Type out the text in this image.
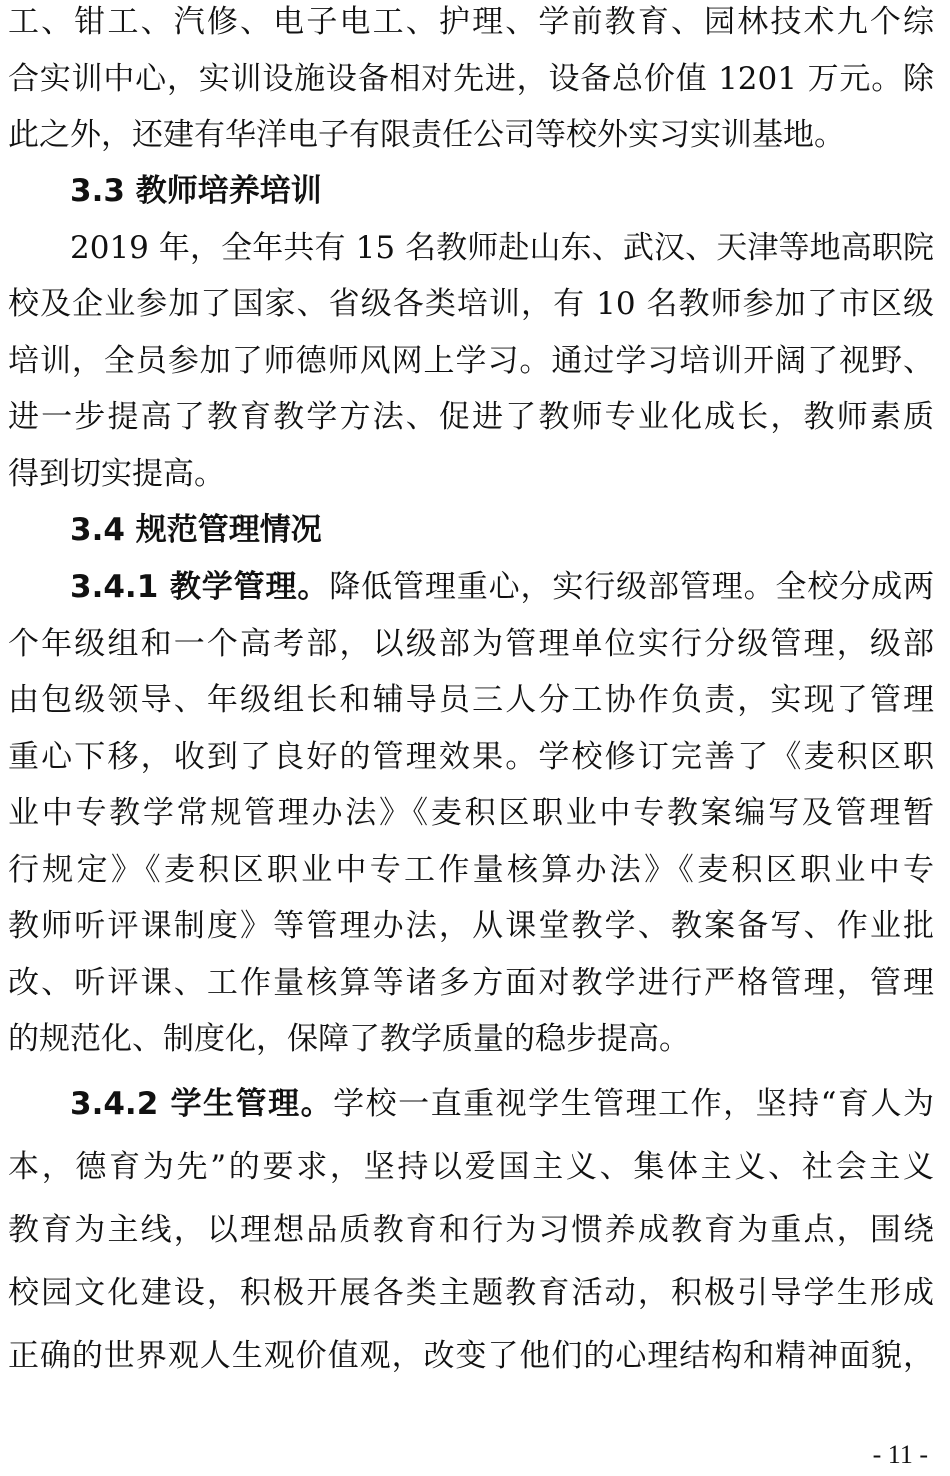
工、钳工、汽修、电子电工、护理、学前教育、园林技术九个综
合实训中心，实训设施设备相对先进，设备总价值 1201 万元。除
此之外，还建有华洋电子有限责任公司等校外实习实训基地。
3.3 教师培养培训
2019 年，全年共有 15 名教师赴山东、武汉、天津等地高职院
校及企业参加了国家、省级各类培训，有 10 名教师参加了市区级
培训，全员参加了师德师风网上学习。通过学习培训开阔了视野、
进一步提高了教育教学方法、促进了教师专业化成长，教师素质
得到切实提高。
3.4 规范管理情况
3.4.1 教学管理。降低管理重心，实行级部管理。全校分成两
个年级组和一个高考部，以级部为管理单位实行分级管理，级部
由包级领导、年级组长和辅导员三人分工协作负责，实现了管理
重心下移，收到了良好的管理效果。学校修订完善了《麦积区职
业中专教学常规管理办法》《麦积区职业中专教案编写及管理暂
行规定》《麦积区职业中专工作量核算办法》《麦积区职业中专
教师听评课制度》等管理办法，从课堂教学、教案备写、作业批
改、听评课、工作量核算等诸多方面对教学进行严格管理，管理
的规范化、制度化，保障了教学质量的稳步提高。
3.4.2 学生管理。学校一直重视学生管理工作，坚持“育人为
本，德育为先”的要求，坚持以爱国主义、集体主义、社会主义
教育为主线，以理想品质教育和行为习惯养成教育为重点，围绕
校园文化建设，积极开展各类主题教育活动，积极引导学生形成
正确的世界观人生观价值观，改变了他们的心理结构和精神面貌，
- 11 -
